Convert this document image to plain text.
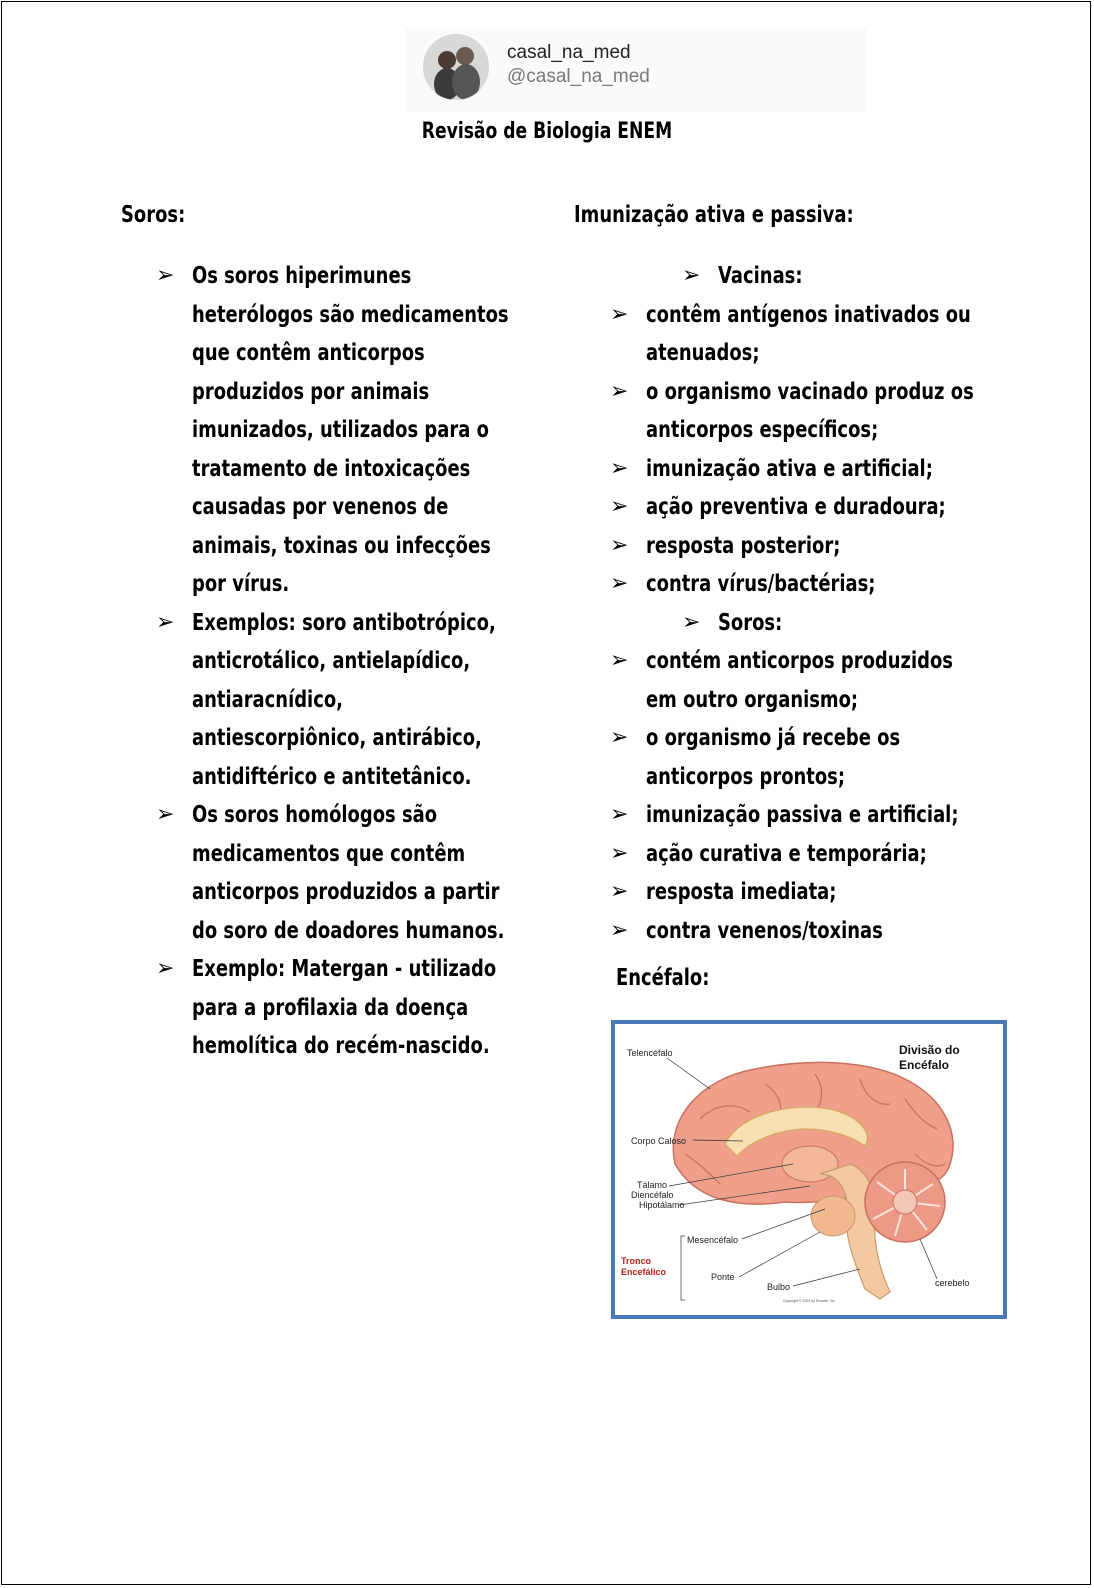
casal_na_med
@casal_na_med
Revisão de Biologia ENEM
Soros:
➢ Os soros hiperimunes heterólogos são medicamentos que contêm anticorpos produzidos por animais imunizados, utilizados para o tratamento de intoxicações causadas por venenos de animais, toxinas ou infecções por vírus.
➢ Exemplos: soro antibotrópico, anticrotálico, antielapídico, antiaracnídico, antiescorpiônico, antirábico, antidiftérico e antitetânico.
➢ Os soros homólogos são medicamentos que contêm anticorpos produzidos a partir do soro de doadores humanos.
➢ Exemplo: Matergan - utilizado para a profilaxia da doença hemolítica do recém-nascido.
Imunização ativa e passiva:
➢ Vacinas:
➢ contêm antígenos inativados ou atenuados;
➢ o organismo vacinado produz os anticorpos específicos;
➢ imunização ativa e artificial;
➢ ação preventiva e duradoura;
➢ resposta posterior;
➢ contra vírus/bactérias;
➢ Soros:
➢ contém anticorpos produzidos em outro organismo;
➢ o organismo já recebe os anticorpos prontos;
➢ imunização passiva e artificial;
➢ ação curativa e temporária;
➢ resposta imediata;
➢ contra venenos/toxinas
Encéfalo:
Telencéfalo
Corpo Caloso
Tálamo
Diencéfalo
Hipotálamo
Mesencéfalo
Tronco
Encefálico	Ponte
Bulbo	cerebelo
Divisão do
Encéfalo
Copyright © 2003 by Elsevier, Inc.
